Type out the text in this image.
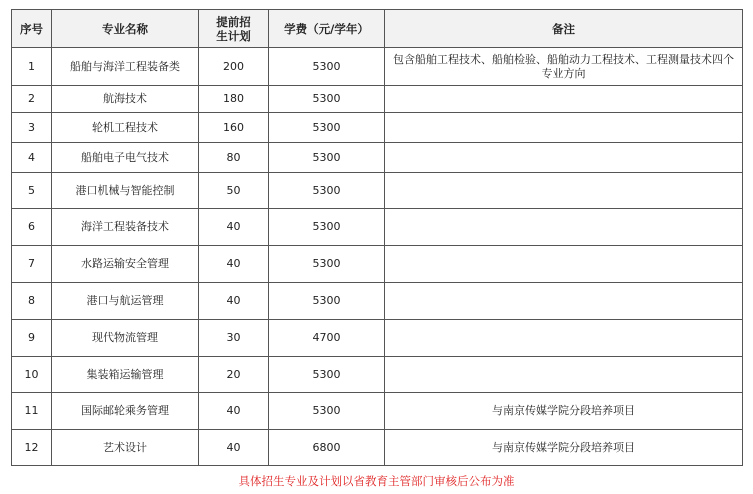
序号	专业名称	提前招生计划	学费（元/学年）	备注
1	船舶与海洋工程装备类	200	5300	包含船舶工程技术、船舶检验、船舶动力工程技术、工程测量技术四个专业方向
2	航海技术	180	5300	
3	轮机工程技术	160	5300	
4	船舶电子电气技术	80	5300	
5	港口机械与智能控制	50	5300	
6	海洋工程装备技术	40	5300	
7	水路运输安全管理	40	5300	
8	港口与航运管理	40	5300	
9	现代物流管理	30	4700	
10	集装箱运输管理	20	5300	
11	国际邮轮乘务管理	40	5300	与南京传媒学院分段培养项目
12	艺术设计	40	6800	与南京传媒学院分段培养项目
具体招生专业及计划以省教育主管部门审核后公布为准
